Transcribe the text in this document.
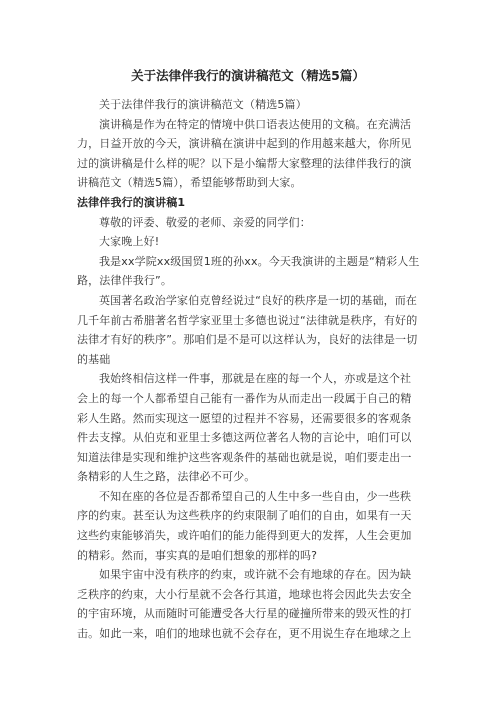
关于法律伴我行的演讲稿范文（精选5篇）

关于法律伴我行的演讲稿范文（精选5篇）

演讲稿是作为在特定的情境中供口语表达使用的文稿。在充满活力，日益开放的今天，演讲稿在演讲中起到的作用越来越大，你所见过的演讲稿是什么样的呢？以下是小编帮大家整理的法律伴我行的演讲稿范文（精选5篇），希望能够帮助到大家。

法律伴我行的演讲稿1

尊敬的评委、敬爱的老师、亲爱的同学们：

大家晚上好!

我是xx学院xx级国贸1班的孙xx。今天我演讲的主题是“精彩人生路，法律伴我行”。

英国著名政治学家伯克曾经说过“良好的秩序是一切的基础，而在几千年前古希腊著名哲学家亚里士多德也说过“法律就是秩序，有好的法律才有好的秩序”。那咱们是不是可以这样认为，良好的法律是一切的基础

我始终相信这样一件事，那就是在座的每一个人，亦或是这个社会上的每一个人都希望自己能有一番作为从而走出一段属于自己的精彩人生路。然而实现这一愿望的过程并不容易，还需要很多的客观条件去支撑。从伯克和亚里士多德这两位著名人物的言论中，咱们可以知道法律是实现和维护这些客观条件的基础也就是说，咱们要走出一条精彩的人生之路，法律必不可少。

不知在座的各位是否都希望自己的人生中多一些自由，少一些秩序的约束。甚至认为这些秩序的约束限制了咱们的自由，如果有一天这些约束能够消失，或许咱们的能力能得到更大的发挥，人生会更加的精彩。然而，事实真的是咱们想象的那样的吗?

如果宇宙中没有秩序的约束，或许就不会有地球的存在。因为缺乏秩序的约束，大小行星就不会各行其道，地球也将会因此失去安全的宇宙环境，从而随时可能遭受各大行星的碰撞所带来的毁灭性的打击。如此一来，咱们的地球也就不会存在，更不用说生存在地球之上
